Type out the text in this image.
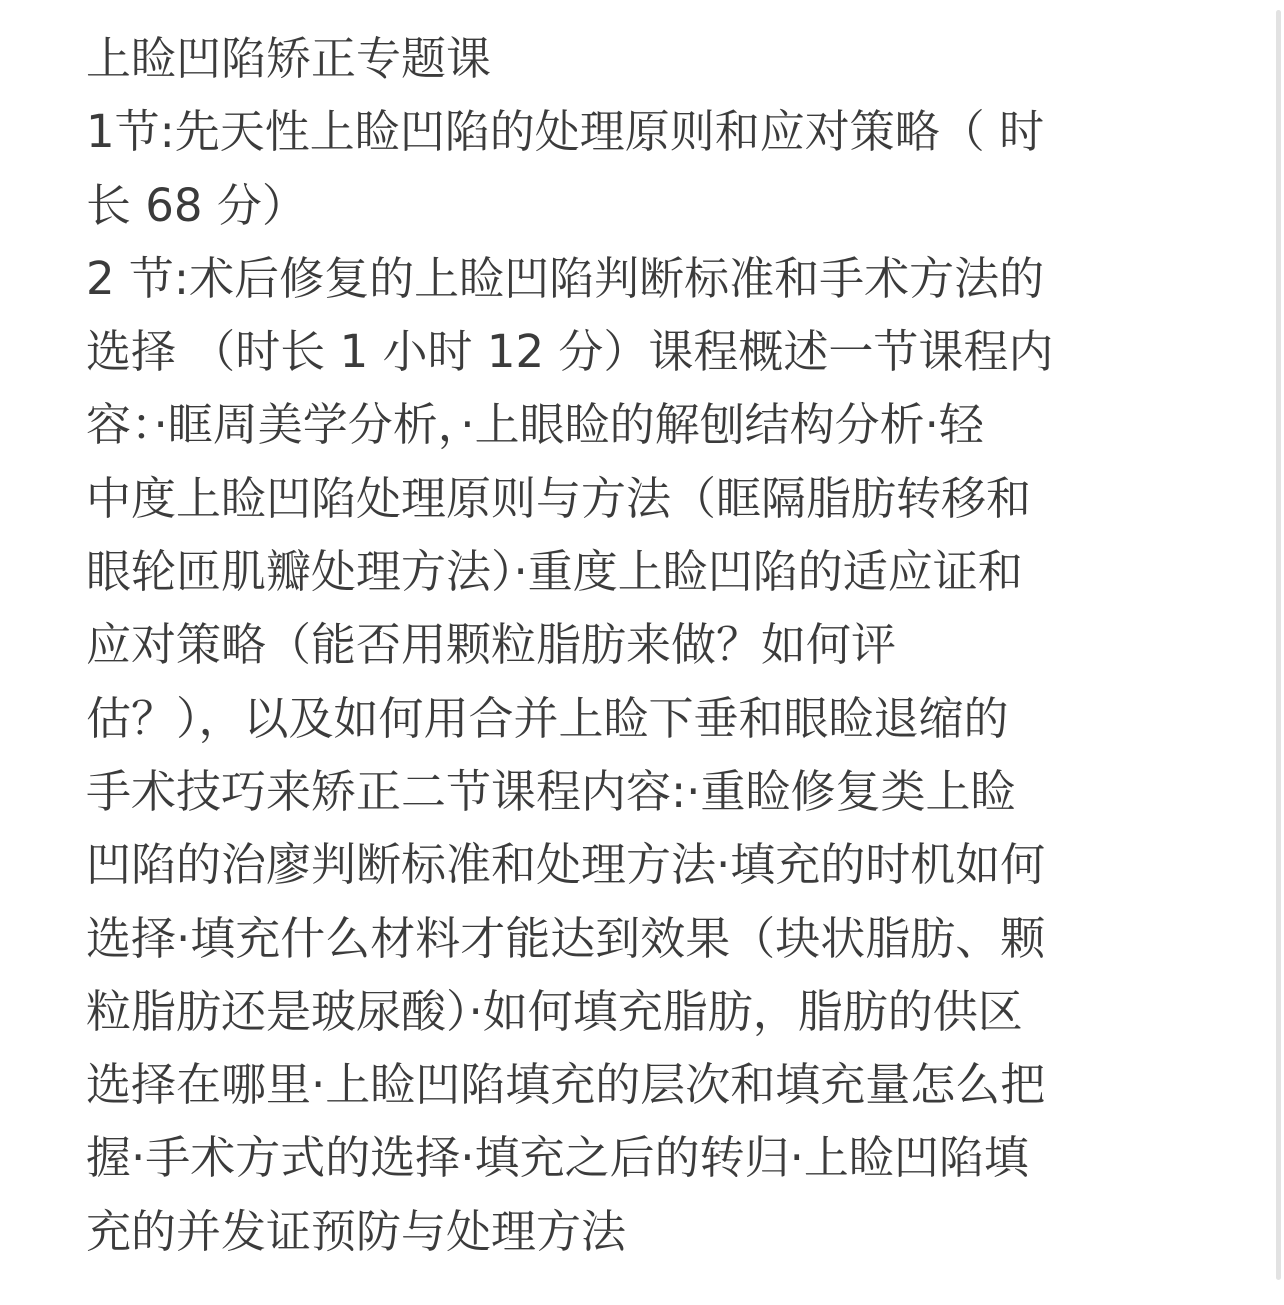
上睑凹陷矫正专题课
1节:先天性上睑凹陷的处理原则和应对策略（ 时
长 68 分）
2 节:术后修复的上睑凹陷判断标准和手术方法的
选择 （时长 1 小时 12 分）课程概述一节课程内
容：·眶周美学分析，·上眼睑的解刨结构分析·轻
中度上睑凹陷处理原则与方法（眶隔脂肪转移和
眼轮匝肌瓣处理方法）·重度上睑凹陷的适应证和
应对策略（能否用颗粒脂肪来做？如何评
估？），以及如何用合并上睑下垂和眼睑退缩的
手术技巧来矫正二节课程内容:·重睑修复类上睑
凹陷的治廖判断标准和处理方法·填充的时机如何
选择·填充什么材料才能达到效果（块状脂肪、颗
粒脂肪还是玻尿酸）·如何填充脂肪，脂肪的供区
选择在哪里·上睑凹陷填充的层次和填充量怎么把
握·手术方式的选择·填充之后的转归·上睑凹陷填
充的并发证预防与处理方法
